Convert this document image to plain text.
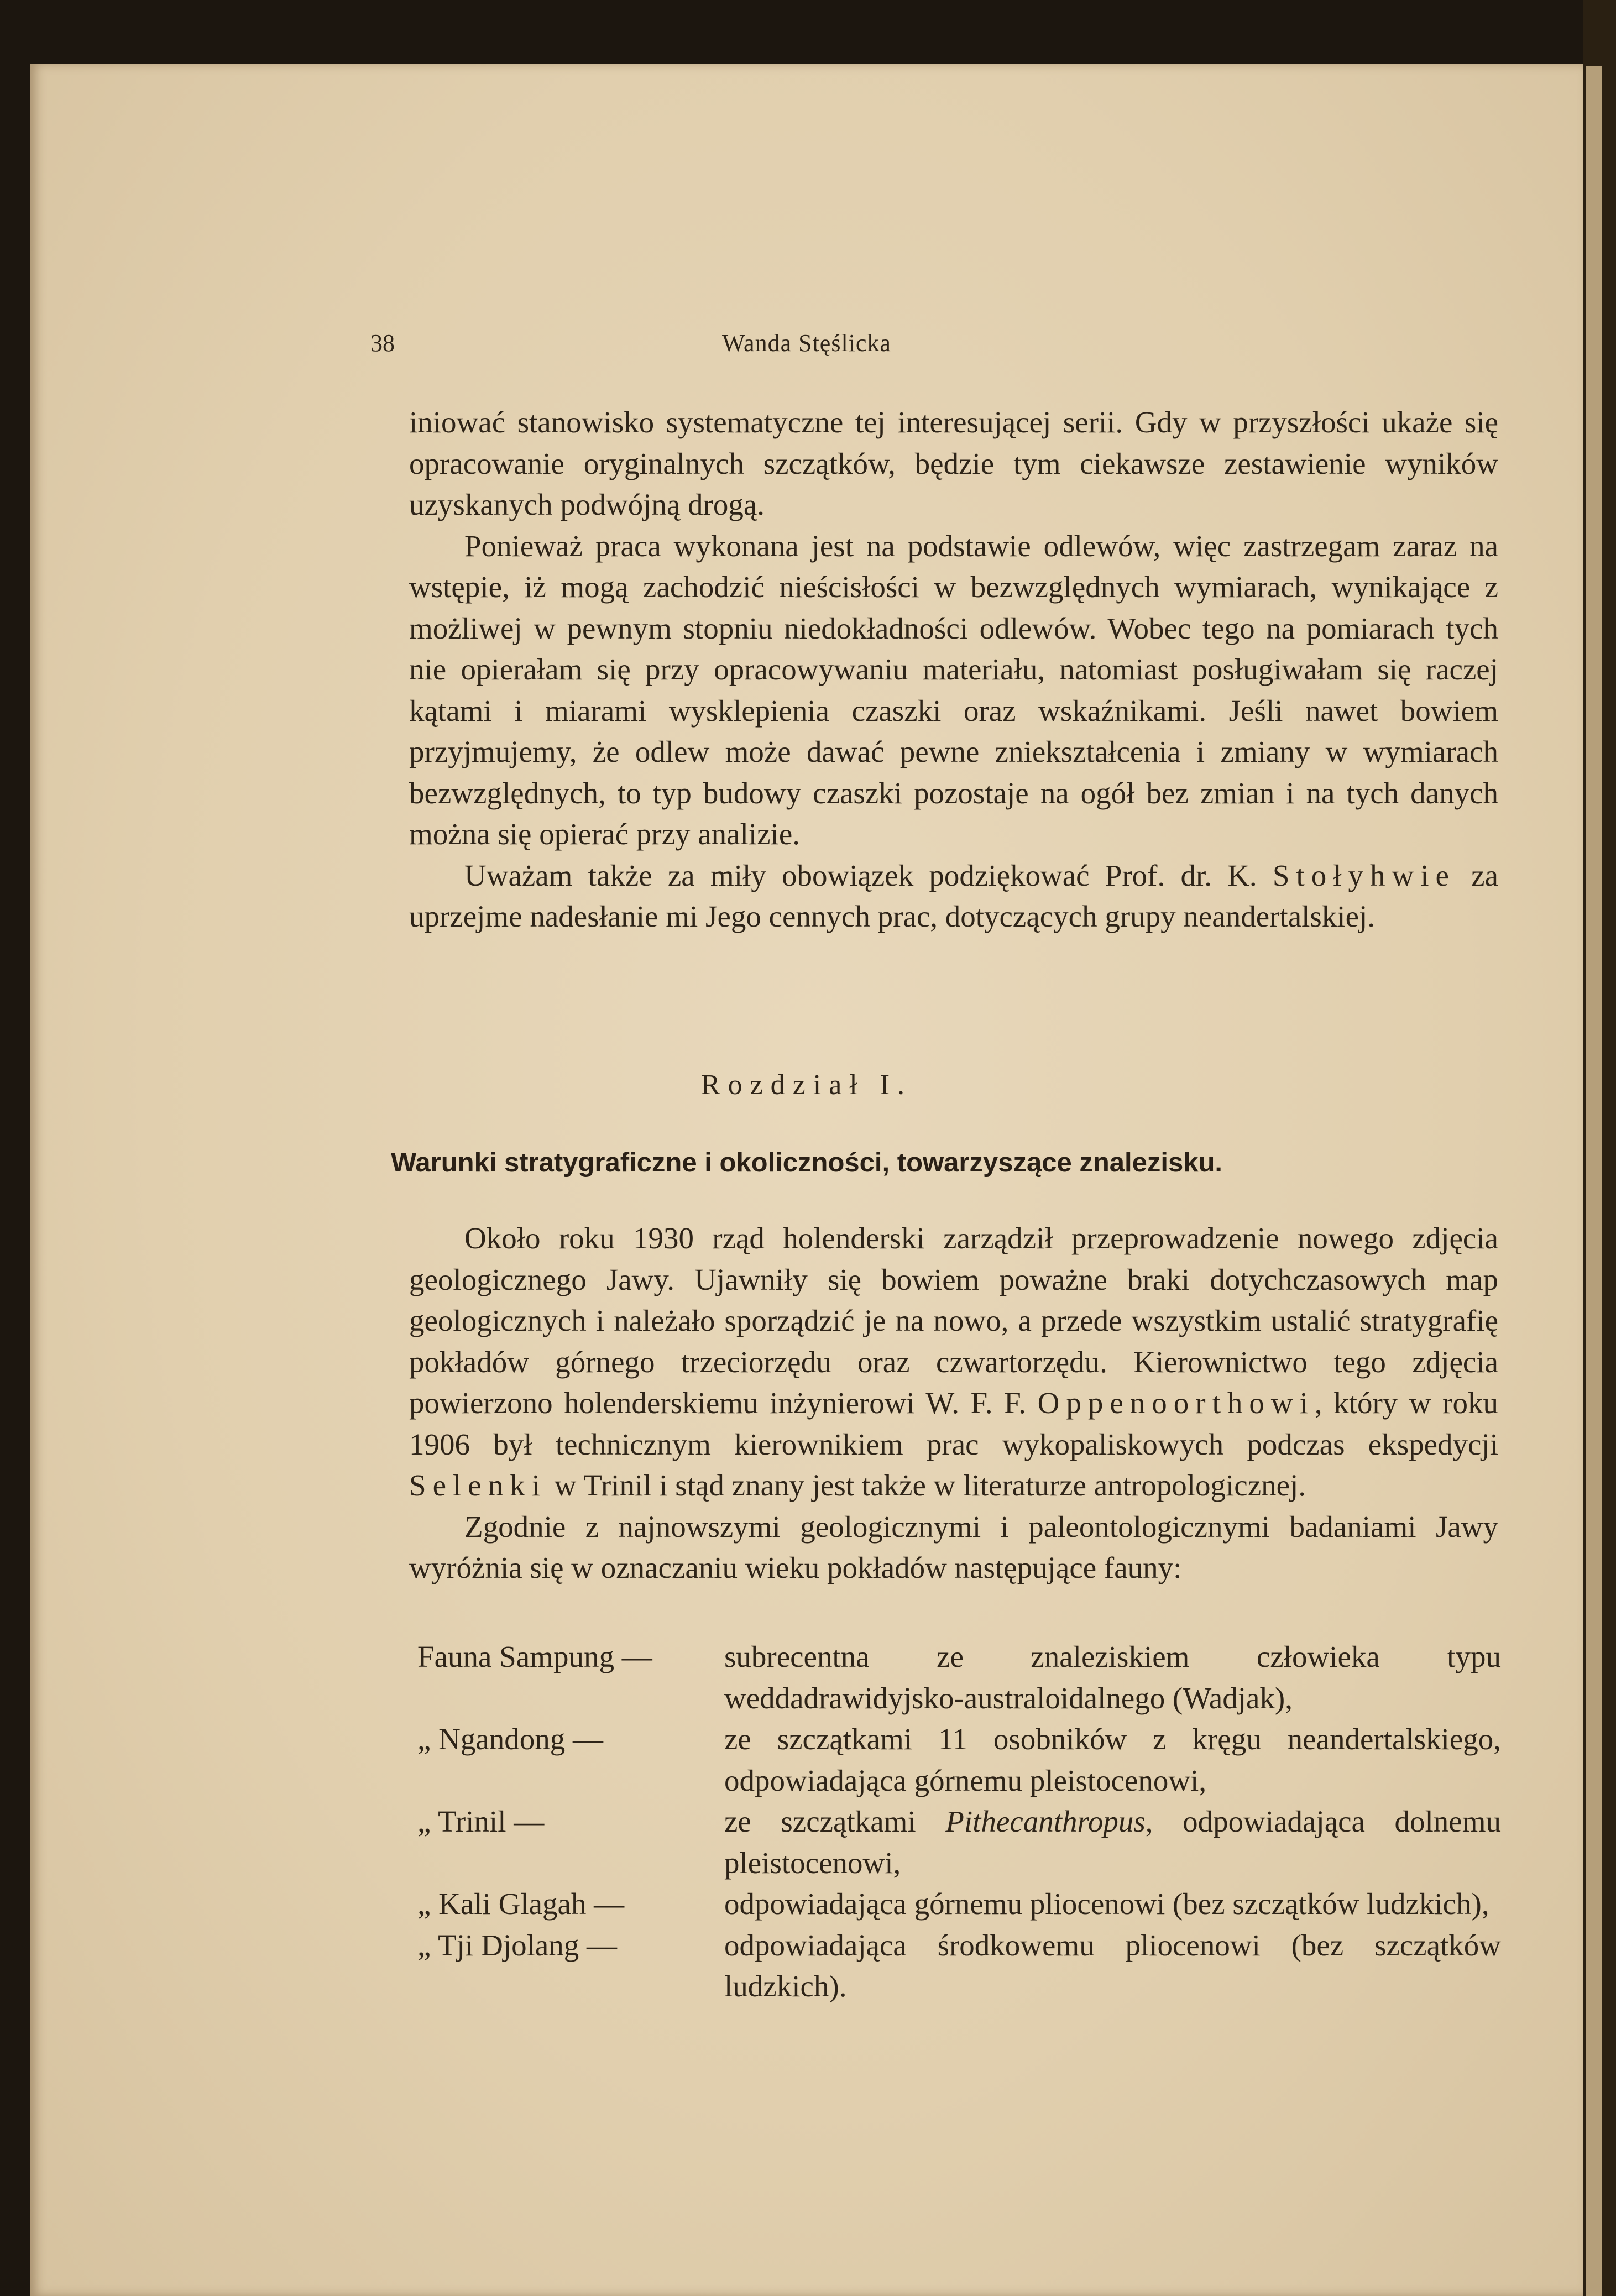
38	Wanda Stęślicka

iniować stanowisko systematyczne tej interesującej serii. Gdy w przyszłości ukaże się opracowanie oryginalnych szczątków, będzie tym ciekawsze zestawienie wyników uzyskanych podwójną drogą.

Ponieważ praca wykonana jest na podstawie odlewów, więc zastrzegam zaraz na wstępie, iż mogą zachodzić nieścisłości w bezwzględnych wymiarach, wynikające z możliwej w pewnym stopniu niedokładności odlewów. Wobec tego na pomiarach tych nie opierałam się przy opracowywaniu materiału, natomiast posługiwałam się raczej kątami i miarami wysklepienia czaszki oraz wskaźnikami. Jeśli nawet bowiem przyjmujemy, że odlew może dawać pewne zniekształcenia i zmiany w wymiarach bezwzględnych, to typ budowy czaszki pozostaje na ogół bez zmian i na tych danych można się opierać przy analizie.

Uważam także za miły obowiązek podziękować Prof. dr. K. Stołyhwie za uprzejme nadesłanie mi Jego cennych prac, dotyczących grupy neandertalskiej.

Rozdział I.
Warunki stratygraficzne i okoliczności, towarzyszące znalezisku.

Około roku 1930 rząd holenderski zarządził przeprowadzenie nowego zdjęcia geologicznego Jawy. Ujawniły się bowiem poważne braki dotychczasowych map geologicznych i należało sporządzić je na nowo, a przede wszystkim ustalić stratygrafię pokładów górnego trzeciorzędu oraz czwartorzędu. Kierownictwo tego zdjęcia powierzono holenderskiemu inżynierowi W. F. F. Oppenoorthowi, który w roku 1906 był technicznym kierownikiem prac wykopaliskowych podczas ekspedycji Selenki w Trinil i stąd znany jest także w literaturze antropologicznej.

Zgodnie z najnowszymi geologicznymi i paleontologicznymi badaniami Jawy wyróżnia się w oznaczaniu wieku pokładów następujące fauny:

Fauna Sampung —	subrecentna ze znaleziskiem człowieka typu weddadrawidyjsko-australoidalnego (Wadjak),
„ Ngandong —	ze szczątkami 11 osobników z kręgu neandertalskiego, odpowiadająca górnemu pleistocenowi,
„ Trinil —	ze szczątkami Pithecanthropus, odpowiadająca dolnemu pleistocenowi,
„ Kali Glagah —	odpowiadająca górnemu pliocenowi (bez szczątków ludzkich),
„ Tji Djolang —	odpowiadająca środkowemu pliocenowi (bez szczątków ludzkich).
